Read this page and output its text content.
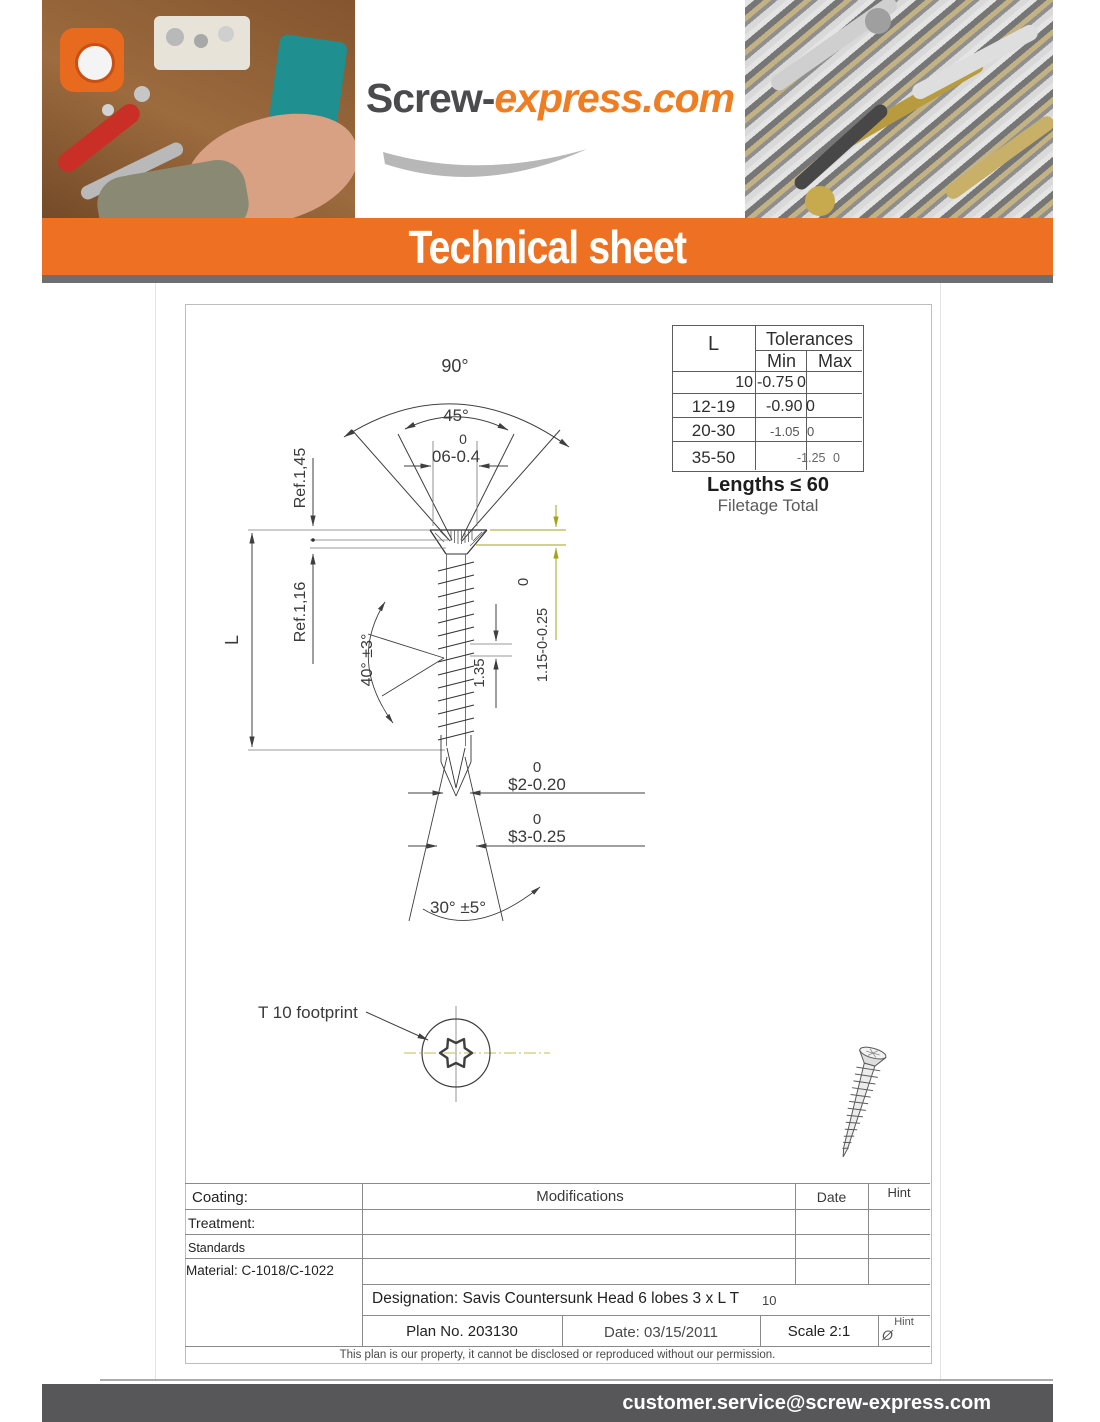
Screw-express.com
Technical sheet
L	Tolerances
Min	Max
10 -0.75 0
12-19	-0.90 0
20-30	-1.05 0
35-50	-1.25 0
Lengths ≤ 60
Filetage Total
90°
45°
0
06-0.4
Ref.1,45
Ref.1,16
L	40° ±3°	1.35
0
1.15-0-0.25
0
$2-0.20
0
$3-0.25
30° ±5°
T 10 footprint
Coating:
Treatment:
Standards
Material: C-1018/C-1022
Modifications	Date	Hint
Designation: Savis Countersunk Head 6 lobes 3 x L T 10
Plan No. 203130	Date: 03/15/2011	Scale 2:1
Hint
Ø
This plan is our property, it cannot be disclosed or reproduced without our permission.
customer.service@screw-express.com
